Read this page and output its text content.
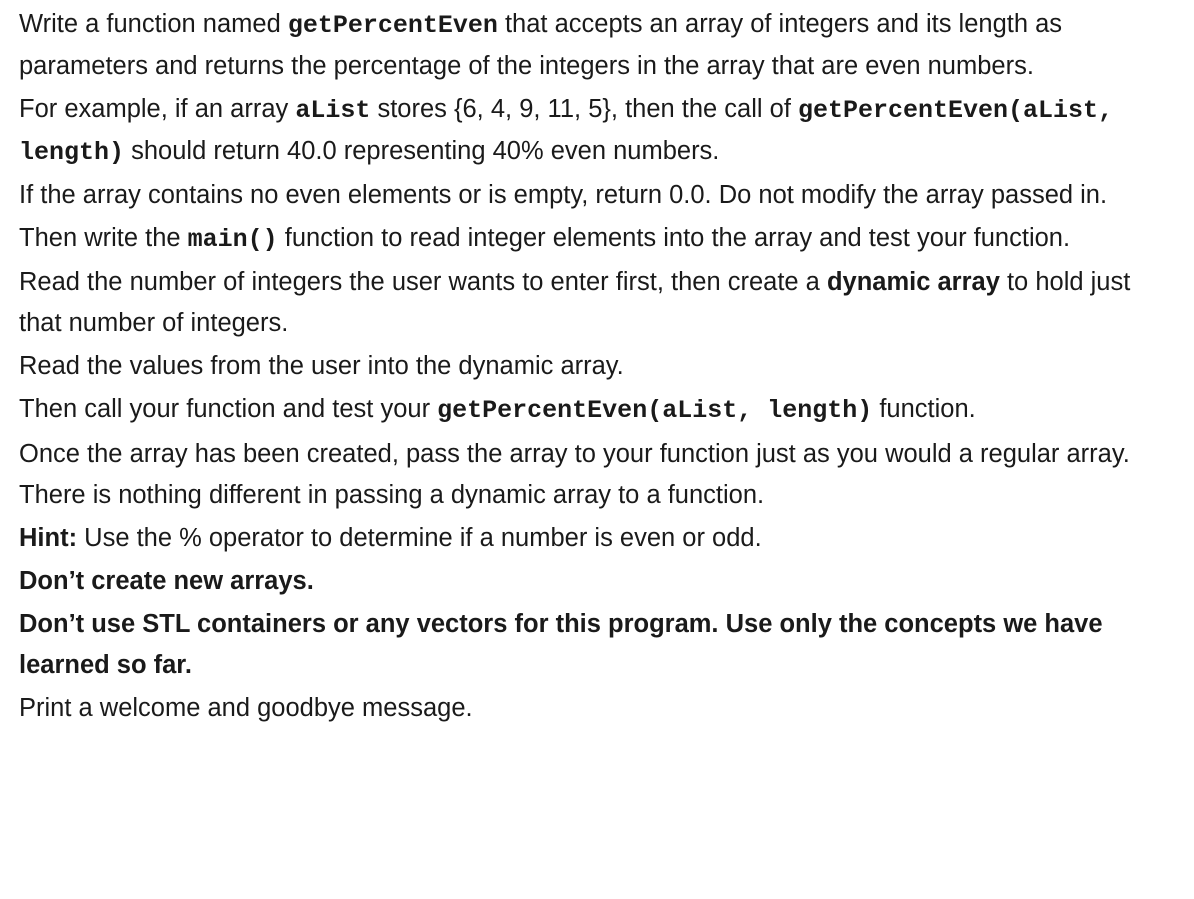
Write a function named getPercentEven that accepts an array of integers and its length as parameters and returns the percentage of the integers in the array that are even numbers.

For example, if an array aList stores {6, 4, 9, 11, 5}, then the call of getPercentEven(aList, length) should return 40.0 representing 40% even numbers.

If the array contains no even elements or is empty, return 0.0. Do not modify the array passed in.

Then write the main() function to read integer elements into the array and test your function.

Read the number of integers the user wants to enter first, then create a dynamic array to hold just that number of integers.

Read the values from the user into the dynamic array.

Then call your function and test your getPercentEven(aList, length) function.

Once the array has been created, pass the array to your function just as you would a regular array. There is nothing different in passing a dynamic array to a function.

Hint: Use the % operator to determine if a number is even or odd.

Don’t create new arrays.

Don’t use STL containers or any vectors for this program. Use only the concepts we have learned so far.

Print a welcome and goodbye message.
